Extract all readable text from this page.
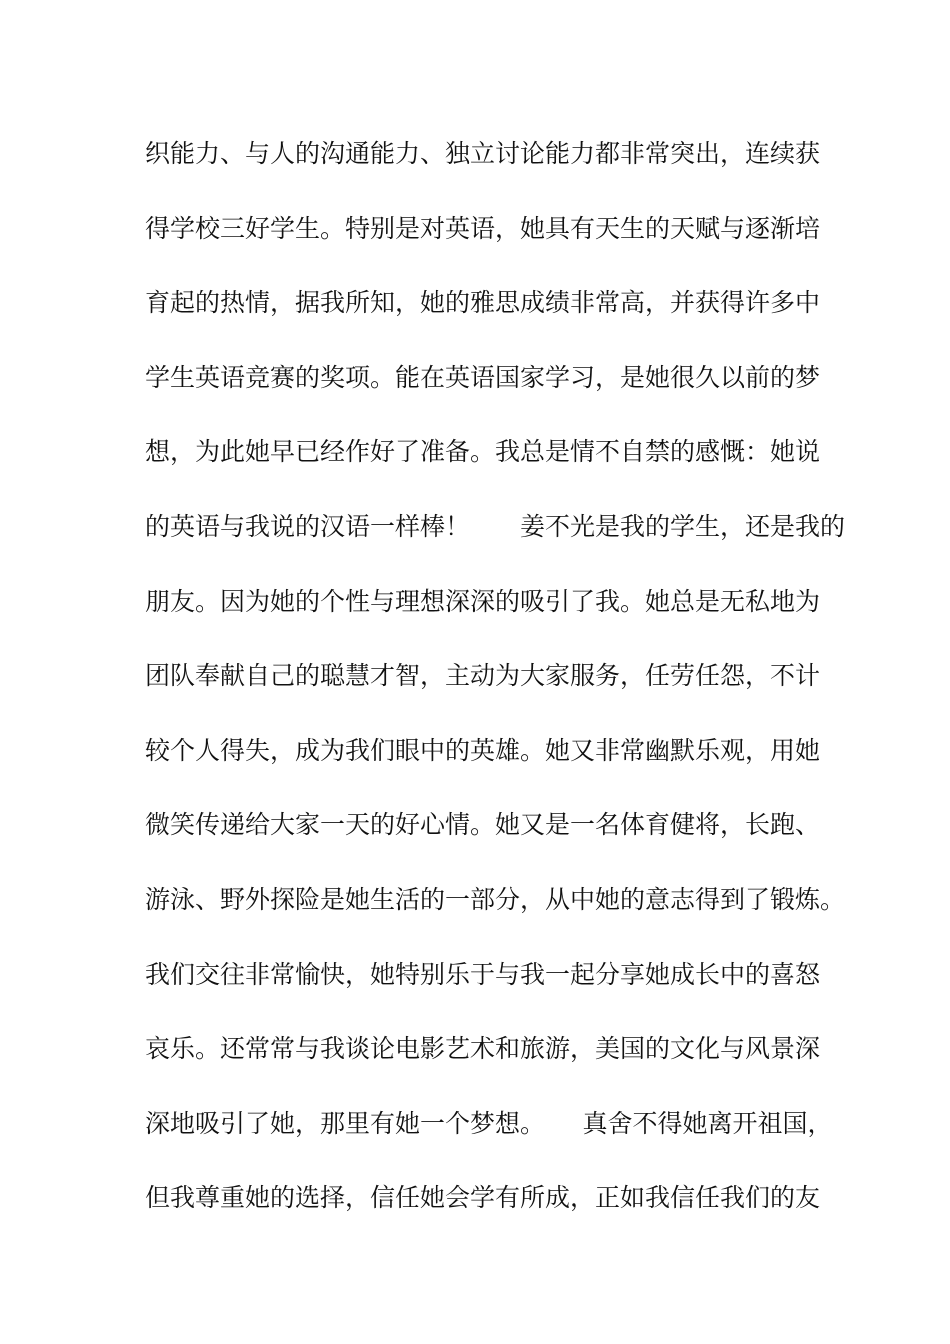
织能力、与人的沟通能力、独立讨论能力都非常突出，连续获
得学校三好学生。特别是对英语，她具有天生的天赋与逐渐培
育起的热情，据我所知，她的雅思成绩非常高，并获得许多中
学生英语竞赛的奖项。能在英语国家学习，是她很久以前的梦
想，为此她早已经作好了准备。我总是情不自禁的感慨：她说
的英语与我说的汉语一样棒！　　姜不光是我的学生，还是我的
朋友。因为她的个性与理想深深的吸引了我。她总是无私地为
团队奉献自己的聪慧才智，主动为大家服务，任劳任怨，不计
较个人得失，成为我们眼中的英雄。她又非常幽默乐观，用她
微笑传递给大家一天的好心情。她又是一名体育健将，长跑、
游泳、野外探险是她生活的一部分，从中她的意志得到了锻炼。
我们交往非常愉快，她特别乐于与我一起分享她成长中的喜怒
哀乐。还常常与我谈论电影艺术和旅游，美国的文化与风景深
深地吸引了她，那里有她一个梦想。　　真舍不得她离开祖国，
但我尊重她的选择，信任她会学有所成，正如我信任我们的友
